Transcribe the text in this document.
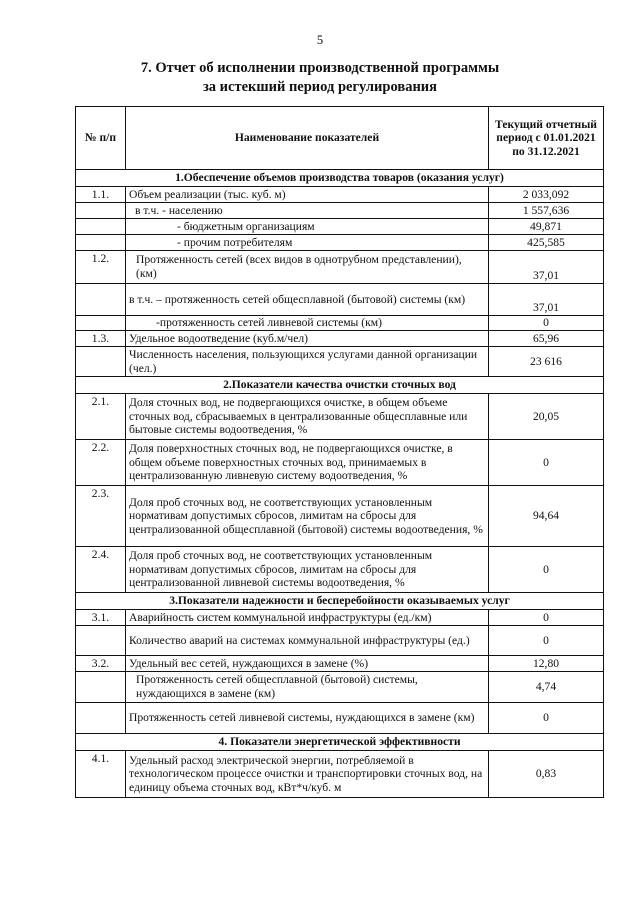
5
7. Отчет об исполнении производственной программы
за истекший период регулирования
№ п/п	Наименование показателей	Текущий отчетный период с 01.01.2021 по 31.12.2021
1.Обеспечение объемов производства товаров (оказания услуг)		
1.1.	Объем реализации (тыс. куб. м)	2 033,092
	в т.ч. - населению	1 557,636
	- бюджетным организациям	49,871
	- прочим потребителям	425,585
1.2.	Протяженность сетей (всех видов в однотрубном представлении), (км)	37,01
	в т.ч. – протяженность сетей общесплавной (бытовой) системы (км)	37,01
	-протяженность сетей ливневой системы (км)	0
1.3.	Удельное водоотведение (куб.м/чел)	65,96
	Численность населения, пользующихся услугами данной организации (чел.)	23 616
2.Показатели качества очистки сточных вод		
2.1.	Доля сточных вод, не подвергающихся очистке, в общем объеме сточных вод, сбрасываемых в централизованные общесплавные или бытовые системы водоотведения, %	20,05
2.2.	Доля поверхностных сточных вод, не подвергающихся очистке, в общем объеме поверхностных сточных вод, принимаемых в централизованную ливневую систему водоотведения, %	0
2.3.	Доля проб сточных вод, не соответствующих установленным нормативам допустимых сбросов, лимитам на сбросы для централизованной общесплавной (бытовой) системы водоотведения, %	94,64
2.4.	Доля проб сточных вод, не соответствующих установленным нормативам допустимых сбросов, лимитам на сбросы для централизованной ливневой системы водоотведения, %	0
3.Показатели надежности и бесперебойности оказываемых услуг		
3.1.	Аварийность систем коммунальной инфраструктуры (ед./км)	0
	Количество аварий на системах коммунальной инфраструктуры (ед.)	0
3.2.	Удельный вес сетей, нуждающихся в замене (%)	12,80
	Протяженность сетей общесплавной (бытовой) системы, нуждающихся в замене (км)	4,74
	Протяженность сетей ливневой системы, нуждающихся в замене (км)	0
4. Показатели энергетической эффективности		
4.1.	Удельный расход электрической энергии, потребляемой в технологическом процессе очистки и транспортировки сточных вод, на единицу объема сточных вод, кВт*ч/куб. м	0,83
